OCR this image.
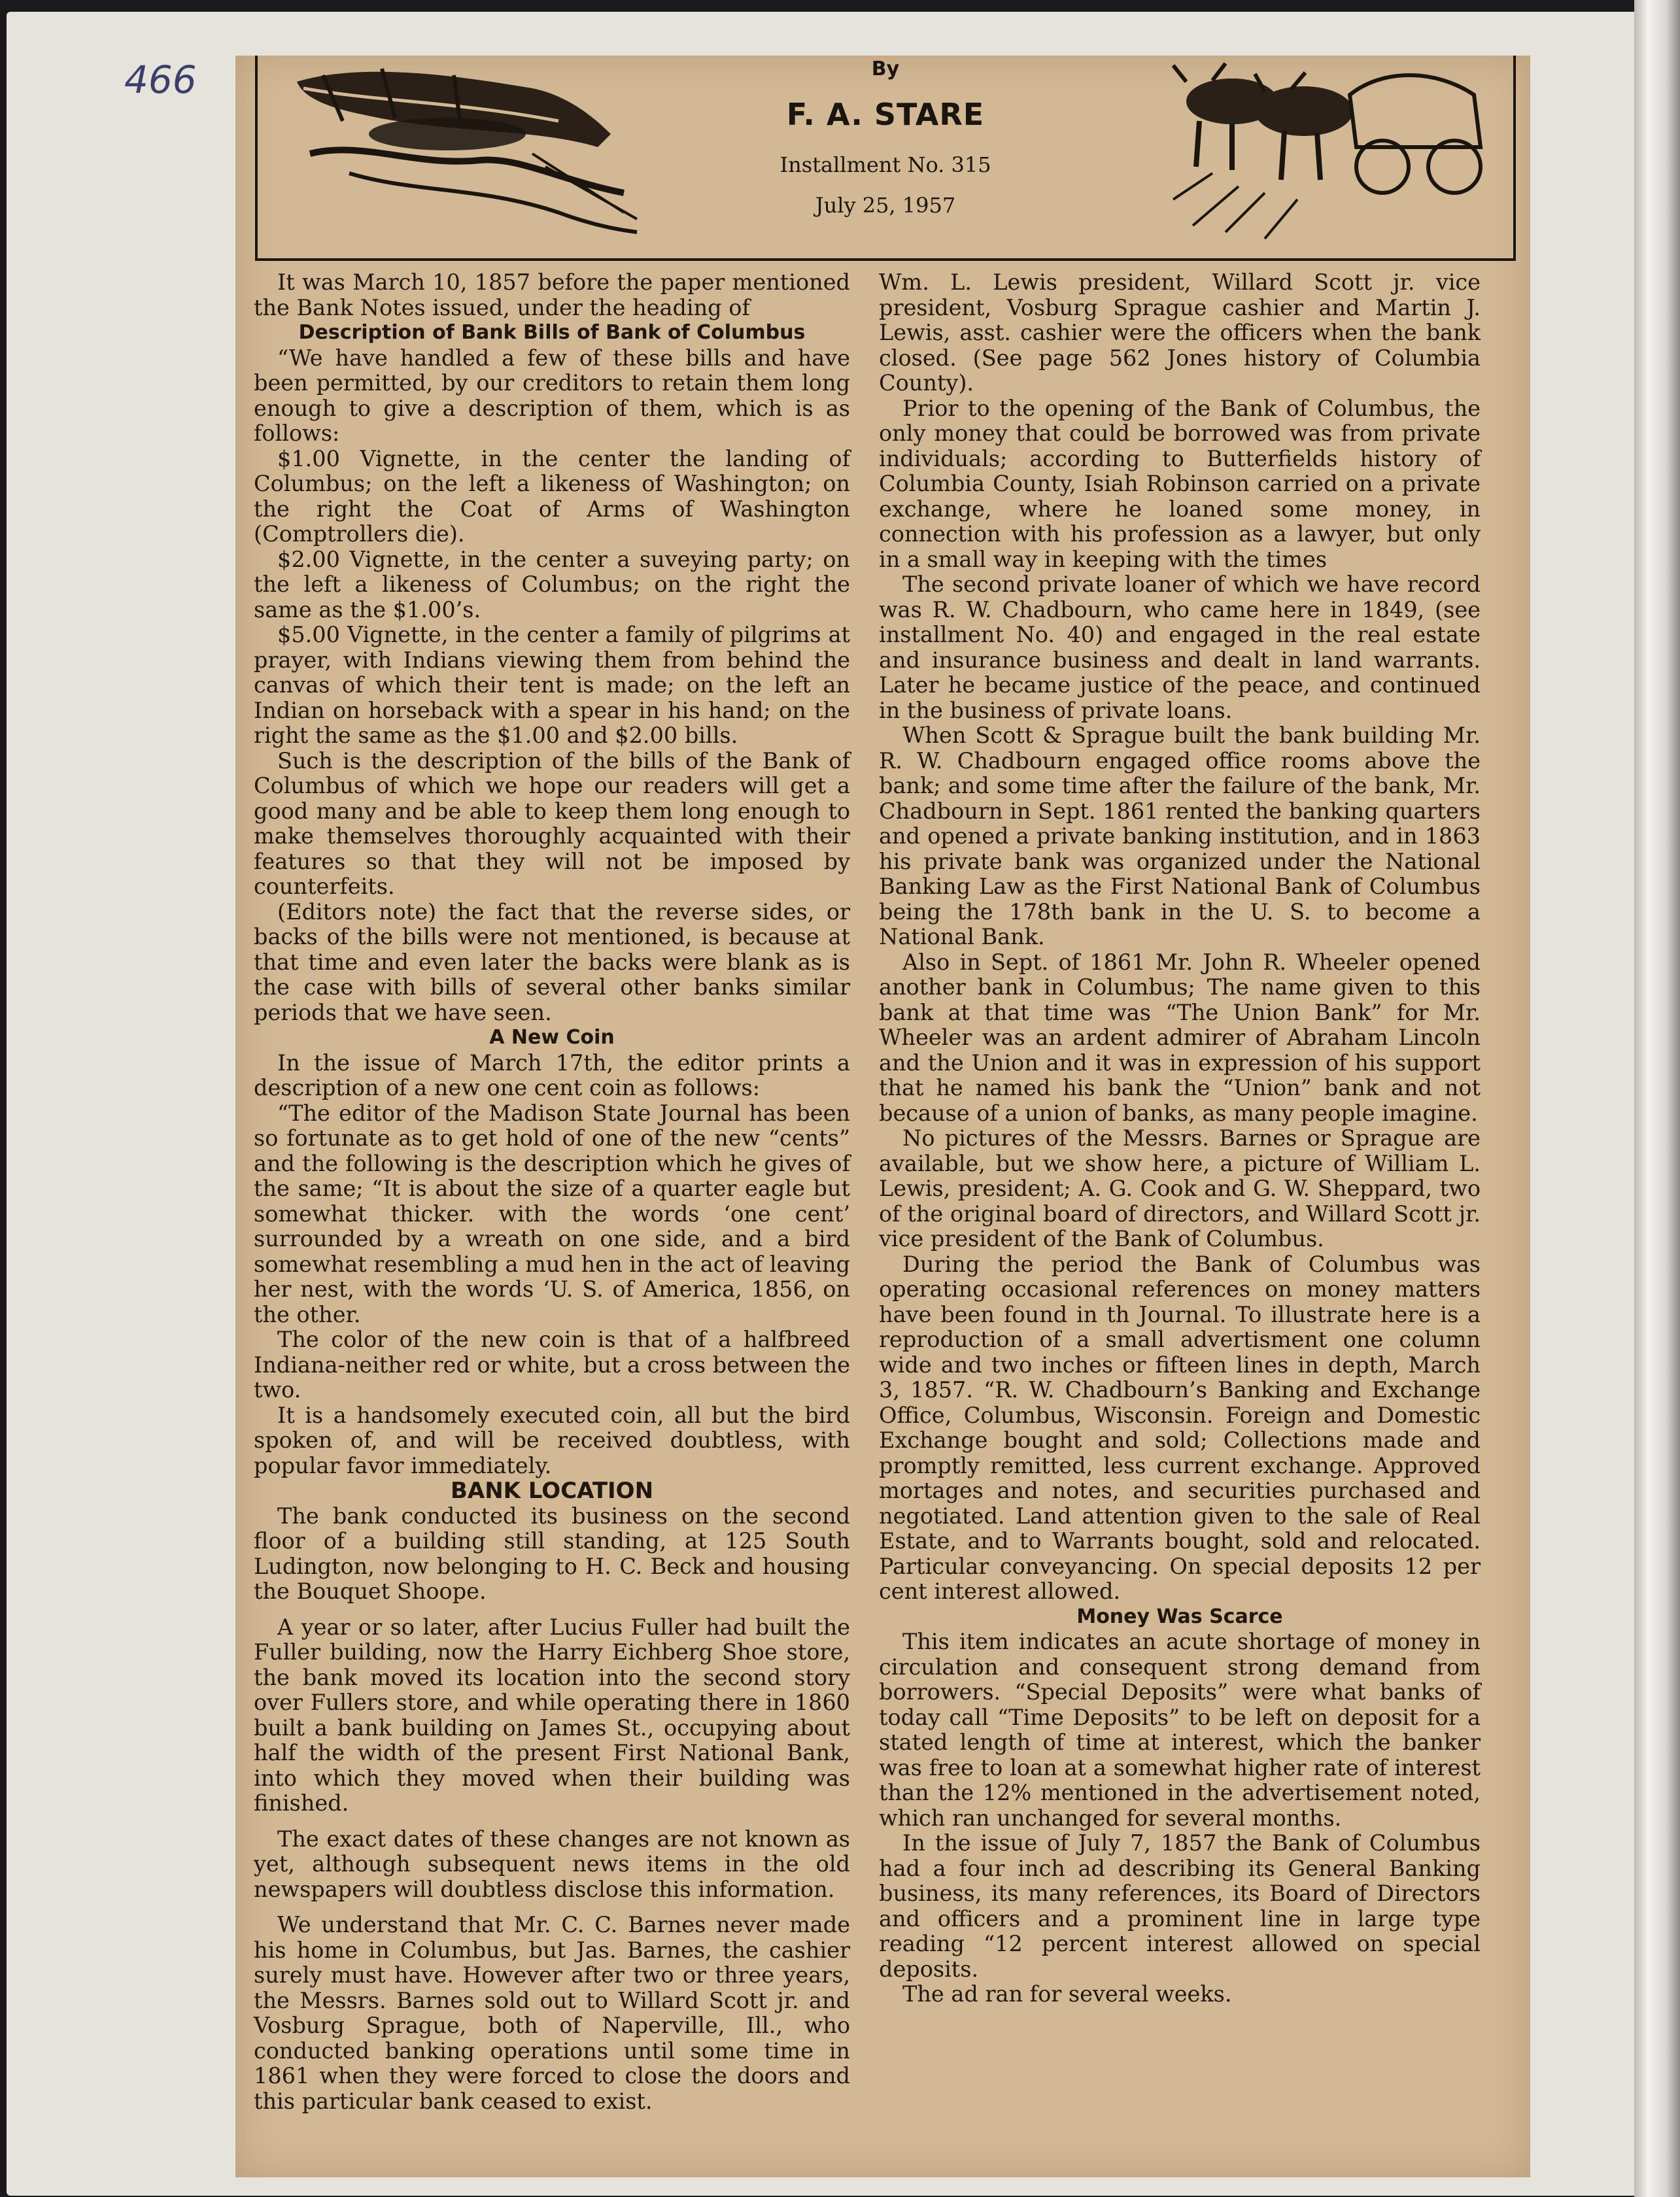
466	By
F. A. STARE
Installment No. 315
July 25, 1957

It was March 10, 1857 before the paper mentioned the Bank Notes issued, under the heading of

Description of Bank Bills of Bank of Columbus

“We have handled a few of these bills and have been permitted, by our creditors to retain them long enough to give a description of them, which is as follows:

$1.00 Vignette, in the center the landing of Columbus; on the left a likeness of Washington; on the right the Coat of Arms of Washington (Comptrollers die).

$2.00 Vignette, in the center a suveying party; on the left a likeness of Columbus; on the right the same as the $1.00’s.

$5.00 Vignette, in the center a family of pilgrims at prayer, with Indians viewing them from behind the canvas of which their tent is made; on the left an Indian on horseback with a spear in his hand; on the right the same as the $1.00 and $2.00 bills.

Such is the description of the bills of the Bank of Columbus of which we hope our readers will get a good many and be able to keep them long enough to make themselves thoroughly acquainted with their features so that they will not be imposed by counterfeits.

(Editors note) the fact that the reverse sides, or backs of the bills were not mentioned, is because at that time and even later the backs were blank as is the case with bills of several other banks similar periods that we have seen.

A New Coin

In the issue of March 17th, the editor prints a description of a new one cent coin as follows:

“The editor of the Madison State Journal has been so fortunate as to get hold of one of the new “cents” and the following is the description which he gives of the same; “It is about the size of a quarter eagle but somewhat thicker. with the words ‘one cent’ surrounded by a wreath on one side, and a bird somewhat resembling a mud hen in the act of leaving her nest, with the words ‘U. S. of America, 1856, on the other.

The color of the new coin is that of a halfbreed Indiana-neither red or white, but a cross between the two.

It is a handsomely executed coin, all but the bird spoken of, and will be received doubtless, with popular favor immediately.

BANK LOCATION

The bank conducted its business on the second floor of a building still standing, at 125 South Ludington, now belonging to H. C. Beck and housing the Bouquet Shoope.

A year or so later, after Lucius Fuller had built the Fuller building, now the Harry Eichberg Shoe store, the bank moved its location into the second story over Fullers store, and while operating there in 1860 built a bank building on James St., occupying about half the width of the present First National Bank, into which they moved when their building was finished.

The exact dates of these changes are not known as yet, although subsequent news items in the old newspapers will doubtless disclose this information.

We understand that Mr. C. C. Barnes never made his home in Columbus, but Jas. Barnes, the cashier surely must have. However after two or three years, the Messrs. Barnes sold out to Willard Scott jr. and Vosburg Sprague, both of Naperville, Ill., who conducted banking operations until some time in 1861 when they were forced to close the doors and this particular bank ceased to exist.

Wm. L. Lewis president, Willard Scott jr. vice president, Vosburg Sprague cashier and Martin J. Lewis, asst. cashier were the officers when the bank closed. (See page 562 Jones history of Columbia County).

Prior to the opening of the Bank of Columbus, the only money that could be borrowed was from private individuals; according to Butterfields history of Columbia County, Isiah Robinson carried on a private exchange, where he loaned some money, in connection with his profession as a lawyer, but only in a small way in keeping with the times

The second private loaner of which we have record was R. W. Chadbourn, who came here in 1849, (see installment No. 40) and engaged in the real estate and insurance business and dealt in land warrants. Later he became justice of the peace, and continued in the business of private loans.

When Scott & Sprague built the bank building Mr. R. W. Chadbourn engaged office rooms above the bank; and some time after the failure of the bank, Mr. Chadbourn in Sept. 1861 rented the banking quarters and opened a private banking institution, and in 1863 his private bank was organized under the National Banking Law as the First National Bank of Columbus being the 178th bank in the U. S. to become a National Bank.

Also in Sept. of 1861 Mr. John R. Wheeler opened another bank in Columbus; The name given to this bank at that time was “The Union Bank” for Mr. Wheeler was an ardent admirer of Abraham Lincoln and the Union and it was in expression of his support that he named his bank the “Union” bank and not because of a union of banks, as many people imagine.

No pictures of the Messrs. Barnes or Sprague are available, but we show here, a picture of William L. Lewis, president; A. G. Cook and G. W. Sheppard, two of the original board of directors, and Willard Scott jr. vice president of the Bank of Columbus.

During the period the Bank of Columbus was operating occasional references on money matters have been found in th Journal. To illustrate here is a reproduction of a small advertisment one column wide and two inches or fifteen lines in depth, March 3, 1857. “R. W. Chadbourn’s Banking and Exchange Office, Columbus, Wisconsin. Foreign and Domestic Exchange bought and sold; Collections made and promptly remitted, less current exchange. Approved mortages and notes, and securities purchased and negotiated. Land attention given to the sale of Real Estate, and to Warrants bought, sold and relocated. Particular conveyancing. On special deposits 12 per cent interest allowed.

Money Was Scarce

This item indicates an acute shortage of money in circulation and consequent strong demand from borrowers. “Special Deposits” were what banks of today call “Time Deposits” to be left on deposit for a stated length of time at interest, which the banker was free to loan at a somewhat higher rate of interest than the 12% mentioned in the advertisement noted, which ran unchanged for several months.

In the issue of July 7, 1857 the Bank of Columbus had a four inch ad describing its General Banking business, its many references, its Board of Directors and officers and a prominent line in large type reading “12 percent interest allowed on special deposits.

The ad ran for several weeks.
